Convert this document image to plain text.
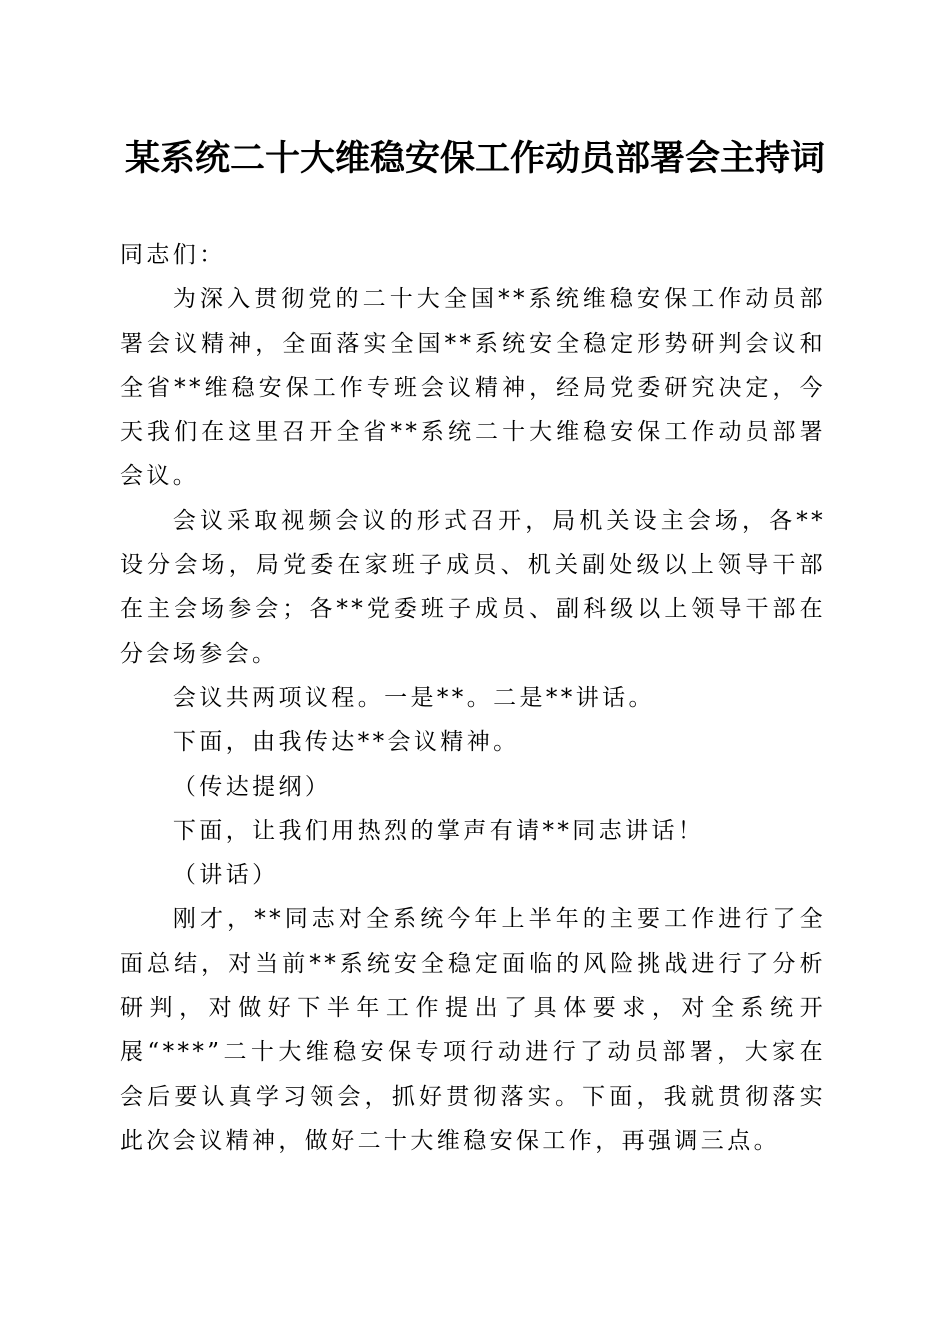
某系统二十大维稳安保工作动员部署会主持词

同志们：

为深入贯彻党的二十大全国**系统维稳安保工作动员部署会议精神，全面落实全国**系统安全稳定形势研判会议和全省**维稳安保工作专班会议精神，经局党委研究决定，今天我们在这里召开全省**系统二十大维稳安保工作动员部署会议。

会议采取视频会议的形式召开，局机关设主会场，各**设分会场，局党委在家班子成员、机关副处级以上领导干部在主会场参会；各**党委班子成员、副科级以上领导干部在分会场参会。

会议共两项议程。一是**。二是**讲话。

下面，由我传达**会议精神。

（传达提纲）

下面，让我们用热烈的掌声有请**同志讲话！

（讲话）

刚才，**同志对全系统今年上半年的主要工作进行了全面总结，对当前**系统安全稳定面临的风险挑战进行了分析研判，对做好下半年工作提出了具体要求，对全系统开展“***”二十大维稳安保专项行动进行了动员部署，大家在会后要认真学习领会，抓好贯彻落实。下面，我就贯彻落实此次会议精神，做好二十大维稳安保工作，再强调三点。
